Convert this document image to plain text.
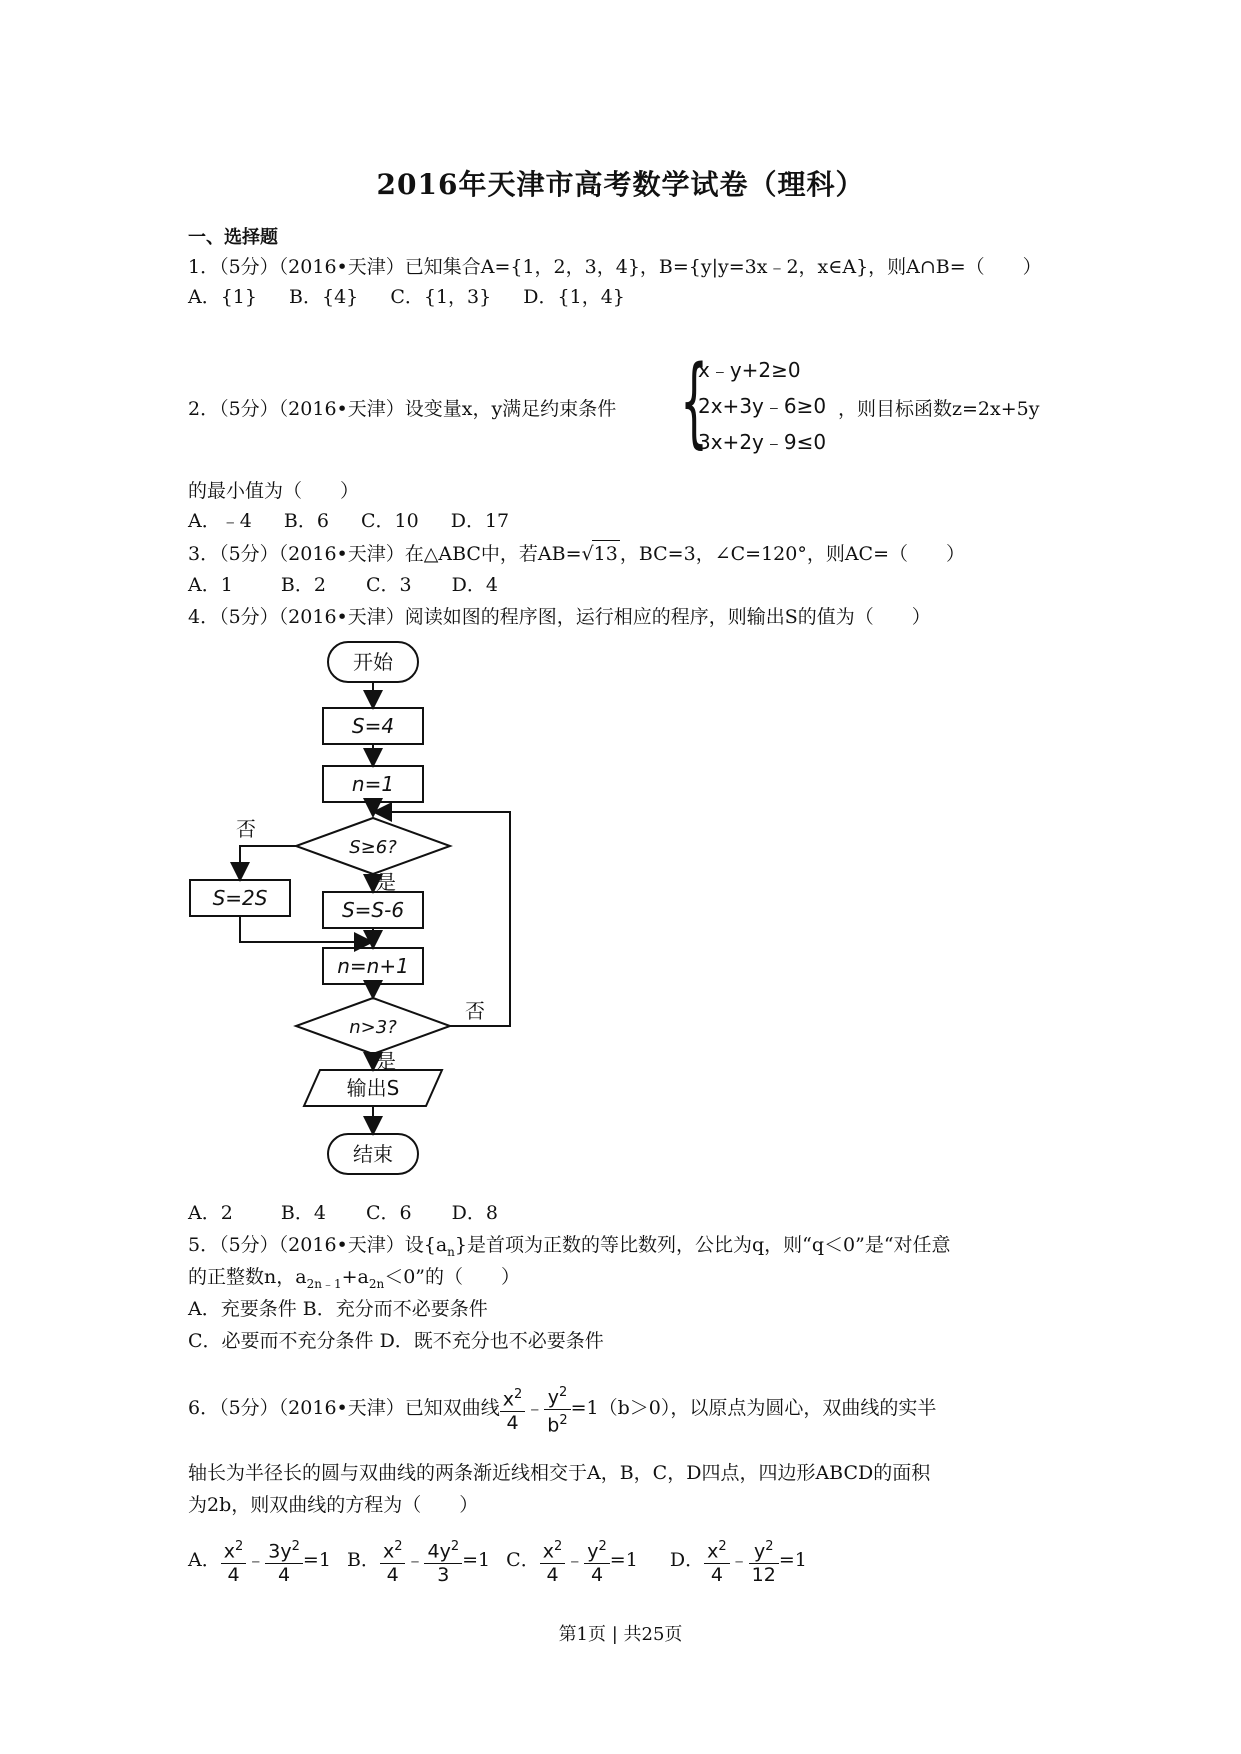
2016年天津市高考数学试卷（理科）
一、选择题
1．（5分）（2016•天津）已知集合A={1，2，3，4}，B={y|y=3x﹣2，x∈A}，则A∩B=（　　）
A．{1} B．{4} C．{1，3} D．{1，4}
2．（5分）（2016•天津）设变量x，y满足约束条件 {
x﹣y+2≥0
2x+3y﹣6≥0
3x+2y﹣9≤0
，则目标函数z=2x+5y
的最小值为（　　）
A．﹣4 B．6 C．10 D．17
3．（5分）（2016•天津）在△ABC中，若AB=√13 ，BC=3，∠C=120°，则AC=（　　）
A．1	B．2 C．3 D．4
4．（5分）（2016•天津）阅读如图的程序图，运行相应的程序，则输出S的值为（　　）
开始
S=4
n=1
S≥6?
否
是
S=2S	S=S-6
n=n+1
n>3?
否
是
输出S
结束
A．2	B．4 C．6 D．8
5．（5分）（2016•天津）设$\{a_n\}$是首项为正数的等比数列，公比为q，则“q＜0”是“对任意
的正整数n，$a_{2n﹣1}+a_{2n}<0$”的（　　）
A．充要条件 B．充分而不必要条件
C．必要而不充分条件 D．既不充分也不必要条件
6．（5分）（2016•天津）已知双曲线 $\frac{x^2}{4}$ ﹣ $\frac{y^2}{b^2} =1(b>0)$，以原点为圆心，双曲线的实半
轴长为半径长的圆与双曲线的两条渐近线相交于A，B，C，D四点，四边形ABCD的面积
为2b，则双曲线的方程为（　　）
A． $\frac{x^2}{4}$ ﹣ $\frac{3y^2}{4} =1$ B． $\frac{x^2}{4}$ ﹣ $\frac{4y^2}{3} =1$ C． $\frac{x^2}{4}$ ﹣ $\frac{y^2}{4} =1$ D． $\frac{x^2}{4}$ ﹣ $\frac{y^2}{12} =1$
第1页 | 共25页
